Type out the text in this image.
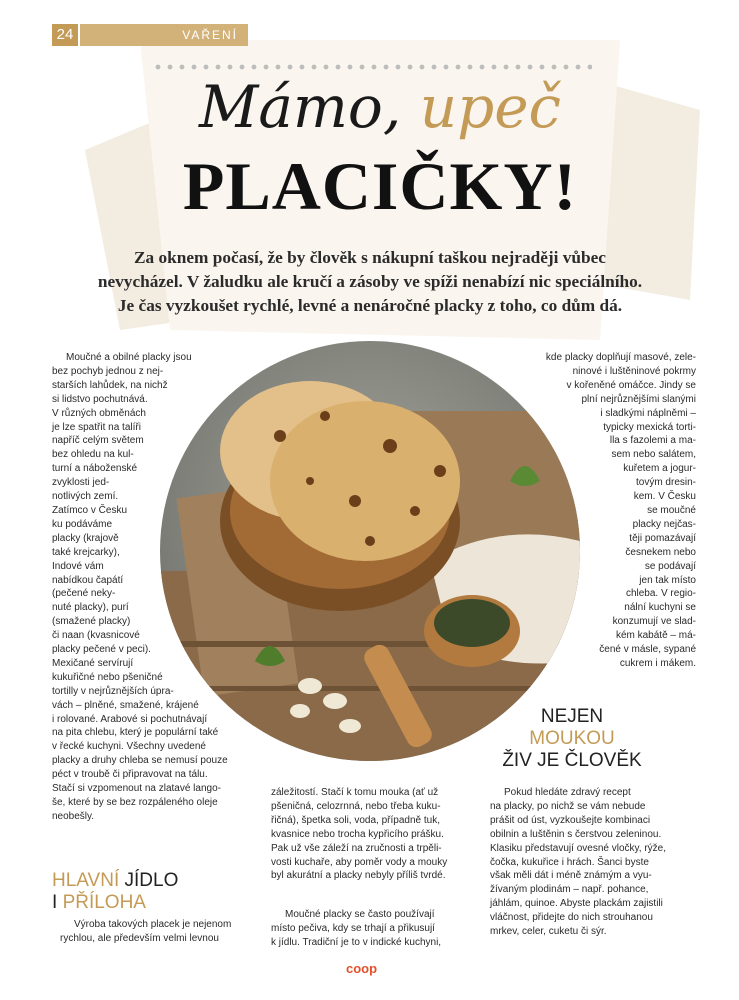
24	VAŘENÍ
Mámo, upeč
PLACIČKY!
Za oknem počasí, že by člověk s nákupní taškou nejraději vůbec
nevycházel. V žaludku ale kručí a zásoby ve spíži nenabízí nic speciálního.
Je čas vyzkoušet rychlé, levné a nenáročné placky z toho, co dům dá.
Moučné a obilné placky jsou
bez pochyb jednou z nej-
starších lahůdek, na nichž
si lidstvo pochutnává.
V různých obměnách
je lze spatřit na talíři
napříč celým světem
bez ohledu na kul-
turní a náboženské
zvyklosti jed-
notlivých zemí.
Zatímco v Česku
ku podáváme
placky (krajově
také krejcarky),
Indové vám
nabídkou čapátí
(pečené neky-
nuté placky), purí
(smažené placky)
či naan (kvasnicové
placky pečené v peci).
Mexičané servírují
kukuřičné nebo pšeničné
tortilly v nejrůznějších úpra-
vách – plněné, smažené, krájené
i rolované. Arabové si pochutnávají
na pita chlebu, který je populární také
v řecké kuchyni. Všechny uvedené
placky a druhy chleba se nemusí pouze
péct v troubě či připravovat na tálu.
Stačí si vzpomenout na zlatavé lango-
še, které by se bez rozpáleného oleje
neobešly.
HLAVNÍ JÍDLO
I PŘÍLOHA
Výroba takových placek je nejenom
rychlou, ale především velmi levnou
záležitostí. Stačí k tomu mouka (ať už
pšeničná, celozrnná, nebo třeba kuku-
řičná), špetka soli, voda, případně tuk,
kvasnice nebo trocha kypřicího prášku.
Pak už vše záleží na zručnosti a trpěli-
vosti kuchaře, aby poměr vody a mouky
byl akurátní a placky nebyly příliš tvrdé.
Moučné placky se často používají
místo pečiva, kdy se trhají a přikusují
k jídlu. Tradiční je to v indické kuchyni,
kde placky doplňují masové, zele-
ninové i luštěninové pokrmy
v kořeněné omáčce. Jindy se
plní nejrůznějšími slanými
i sladkými náplněmi –
typicky mexická torti-
lla s fazolemi a ma-
sem nebo salátem,
kuřetem a jogur-
tovým dresin-
kem. V Česku
se moučné
placky nejčas-
těji pomazávají
česnekem nebo
se podávají
jen tak místo
chleba. V regio-
nální kuchyni se
konzumují ve slad-
kém kabátě – má-
čené v másle, sypané
cukrem i mákem.
NEJEN
MOUKOU
ŽIV JE ČLOVĚK
Pokud hledáte zdravý recept
na placky, po nichž se vám nebude
prášit od úst, vyzkoušejte kombinaci
obilnin a luštěnin s čerstvou zeleninou.
Klasiku představují ovesné vločky, rýže,
čočka, kukuřice i hrách. Šanci byste
však měli dát i méně známým a vyu-
žívaným plodinám – např. pohance,
jáhlám, quinoe. Abyste plackám zajistili
vláčnost, přidejte do nich strouhanou
mrkev, celer, cuketu či sýr.
coop
